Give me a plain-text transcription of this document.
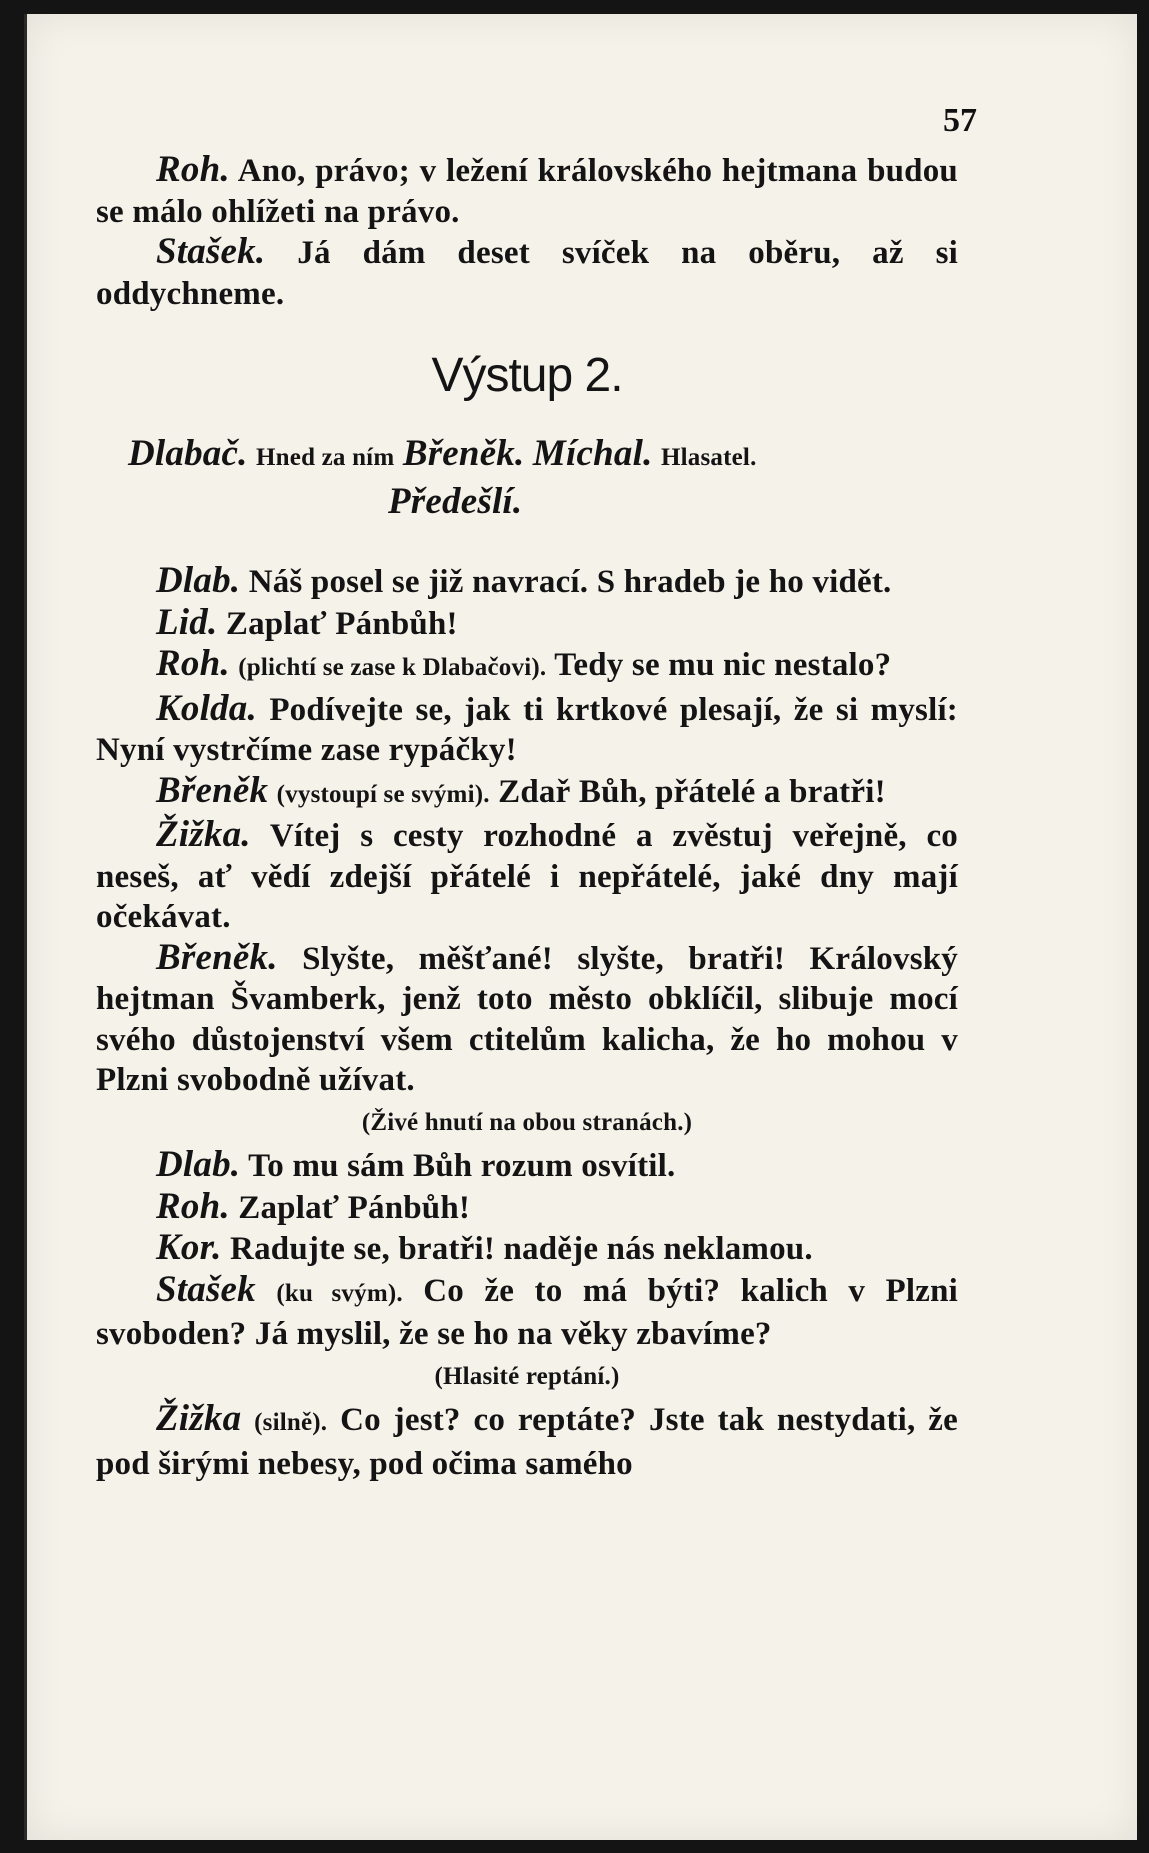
57

Roh. Ano, právo; v ležení královského hejtmana budou se málo ohlížeti na právo.

Stašek. Já dám deset svíček na oběru, až si oddychneme.

Výstup 2.

Dlabač. Hned za ním Břeněk. Míchal. Hlasatel.

Předešlí.

Dlab. Náš posel se již navrací. S hradeb je ho vidět.

Lid. Zaplať Pánbůh!

Roh. (plichtí se zase k Dlabačovi). Tedy se mu nic nestalo?

Kolda. Podívejte se, jak ti krtkové plesají, že si myslí: Nyní vystrčíme zase rypáčky!

Břeněk (vystoupí se svými). Zdař Bůh, přátelé a bratři!

Žižka. Vítej s cesty rozhodné a zvěstuj veřejně, co neseš, ať vědí zdejší přátelé i nepřátelé, jaké dny mají očekávat.

Břeněk. Slyšte, měšťané! slyšte, bratři! Královský hejtman Švamberk, jenž toto město obklíčil, slibuje mocí svého důstojenství všem ctitelům kalicha, že ho mohou v Plzni svobodně užívat.

(Živé hnutí na obou stranách.)

Dlab. To mu sám Bůh rozum osvítil.

Roh. Zaplať Pánbůh!

Kor. Radujte se, bratři! naděje nás neklamou.

Stašek (ku svým). Co že to má býti? kalich v Plzni svoboden? Já myslil, že se ho na věky zbavíme?

(Hlasité reptání.)

Žižka (silně). Co jest? co reptáte? Jste tak nestydati, že pod širými nebesy, pod očima samého
